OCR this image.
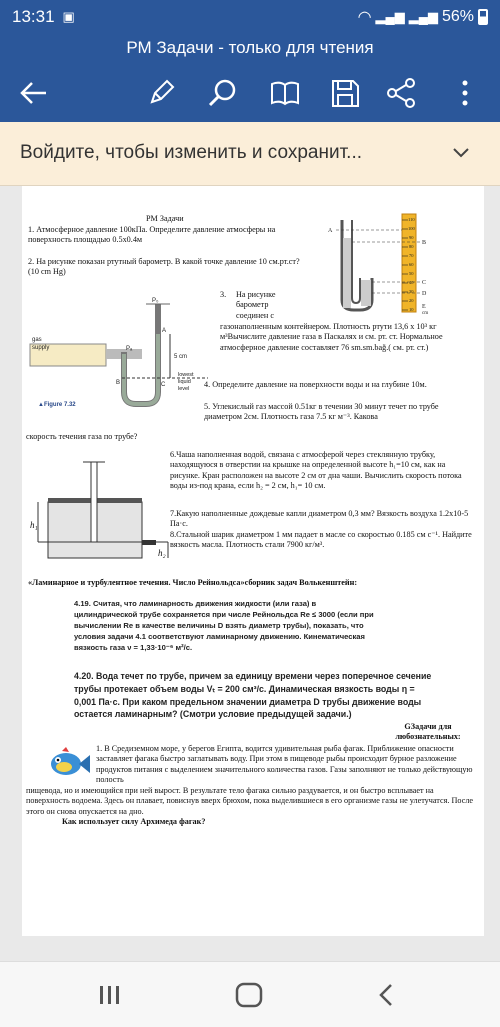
13:31 ▣	◠ ▂▄▆ ▂▄▆ 56%
РМ Задачи - только для чтения
Войдите, чтобы изменить и сохранит...
РМ Задачи
1. Атмосферное давление 100кПа. Определите давление атмосферы на поверхность площадью 0.5х0.4м
2. На рисунке показан ртутный барометр. В какой точке давление 10 см.рт.ст? (10 cm Hg)
A
B
C
D
E
cm
110
100
90
80
70
60
50
40
30
20
10
gas
supply
P₀
Pₐ
A
B	C
5 cm
lowest
liquid
level
▲Figure 7.32
3. На рисунке барометр соединен с
газонаполненным контейнером. Плотность ртути 13,6 х 10³ кг м³Вычислите давление газа в Паскалях и см. рт. ст. Нормальное атмосферное давление составляет 76 sm.sm.bağ.( см. рт. ст.)
4. Определите давление на поверхности воды и на глубине 10м.
5. Углекислый газ массой 0.51кг в течении 30 минут течет по трубе диаметром 2см. Плотность газа 7.5 кг м⁻³. Какова
скорость течения газа по трубе?
h₁
h₂
6.Чаша наполненная водой, связана с атмосферой через стеклянную трубку, находящуюся в отверстии на крышке на определенной высоте h₁=10 см, как на рисунке. Кран расположен на высоте 2 см от дна чаши. Вычислить скорость потока воды из-под крана, если h₂ = 2 см, h₁= 10 см.
7.Какую наполненные дождевые капли диаметром 0,3 мм? Вязкость воздуха 1.2х10-5 Па·с.
8.Стальной шарик диаметром 1 мм падает в масле со скоростью 0.185 см с⁻¹. Найдите вязкость масла. Плотность стали 7900 кг/м³.
«Ламинарное и турбулентное течения. Число Рейнольдса»сборник задач Волькенштейн:
4.19. Считая, что ламинарность движения жидкости (или газа) в цилиндрической трубе сохраняется при числе Рейнольдса Re ≤ 3000 (если при вычислении Re в качестве величины D взять диаметр трубы), показать, что условия задачи 4.1 соответствуют ламинарному движению. Кинематическая вязкость газа ν = 1,33·10⁻⁶ м²/с.
4.20. Вода течет по трубе, причем за единицу времени через поперечное сечение трубы протекает объем воды Vₜ = 200 см³/с. Динамическая вязкость воды η = 0,001 Па·с. При каком предельном значении диаметра D трубы движение воды остается ламинарным? (Смотри условие предыдущей задачи.)
GЗадачи для любознательных:
1. В Средиземном море, у берегов Египта, водится удивительная рыба фагак. Приближение опасности заставляет фагака быстро заглатывать воду. При этом в пищеводе рыбы происходит бурное разложение продуктов питания с выделением значительного количества газов. Газы заполняют не только действующую полость
пищевода, но и имеющийся при ней вырост. В результате тело фагака сильно раздувается, и он быстро всплывает на поверхность водоема. Здесь он плавает, повиснув вверх брюхом, пока выделившиеся в его организме газы не улетучатся. После этого он снова опускается на дно.
Как использует силу Архимеда фагак?
